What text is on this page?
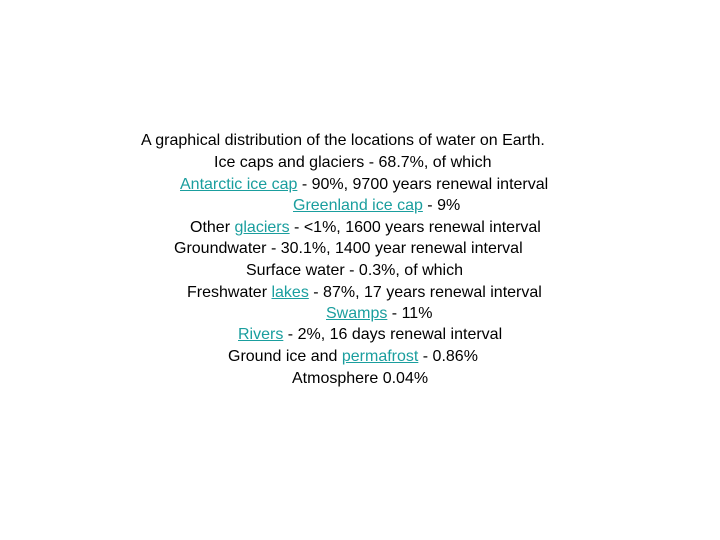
A graphical distribution of the locations of water on Earth.
Ice caps and glaciers - 68.7%, of which
Antarctic ice cap - 90%, 9700 years renewal interval
Greenland ice cap - 9%
Other glaciers - <1%, 1600 years renewal interval
Groundwater - 30.1%, 1400 year renewal interval
Surface water - 0.3%, of which
Freshwater lakes - 87%, 17 years renewal interval
Swamps - 11%
Rivers - 2%, 16 days renewal interval
Ground ice and permafrost - 0.86%
Atmosphere 0.04%
